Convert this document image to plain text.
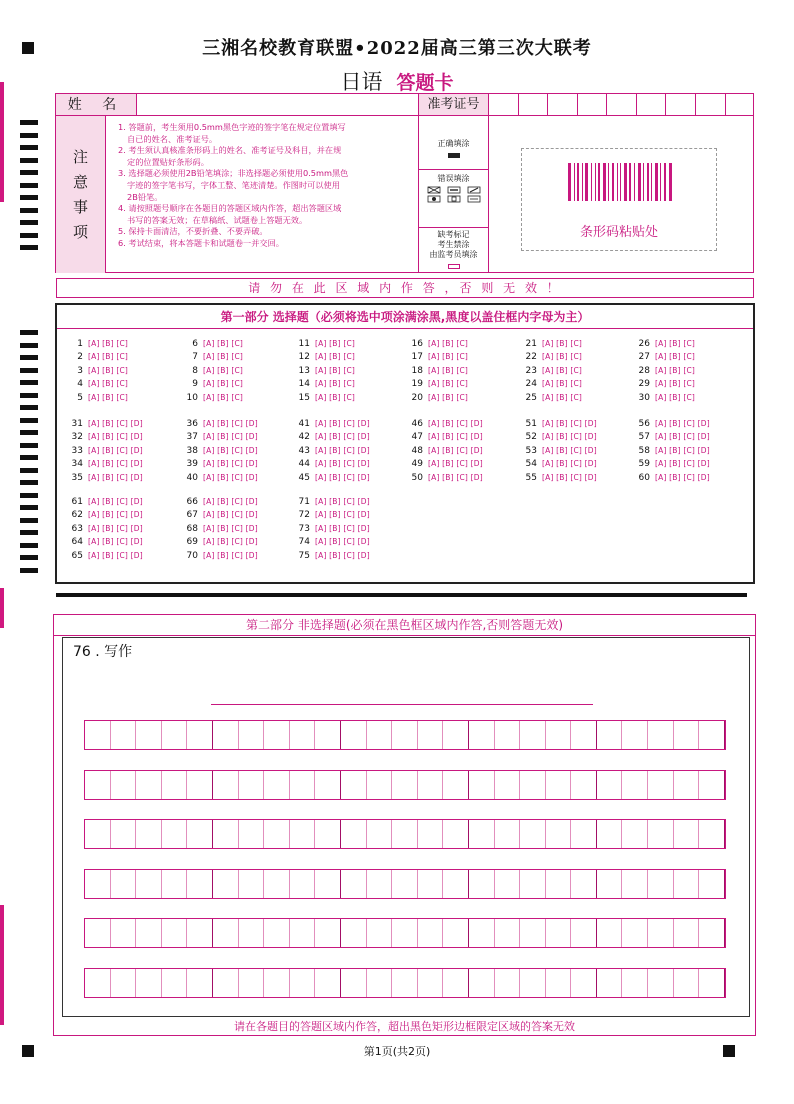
三湘名校教育联盟•2022届高三第三次大联考
日语 答题卡
姓 名	准考证号
注
意
事
项
1. 答题前，考生须用0.5mm黑色字迹的签字笔在规定位置填写
自已的姓名、准考证号。
2. 考生须认真核准条形码上的姓名、准考证号及科目，并在规
定的位置贴好条形码。
3. 选择题必须使用2B铅笔填涂；非选择题必须使用0.5mm黑色
字迹的签字笔书写，字体工整、笔迹清楚。作图时可以使用
2B铅笔。
4. 请按照题号顺序在各题目的答题区域内作答，超出答题区域
书写的答案无效；在草稿纸、试题卷上答题无效。
5. 保持卡面清洁，不要折叠、不要弄破。
6. 考试结束，将本答题卡和试题卷一并交回。
正确填涂
错误填涂
缺考标记
考生禁涂
由监考员填涂
条形码粘贴处
请 勿 在 此 区 域 内 作 答 ，否 则 无 效 ！
第一部分 选择题（必须将选中项涂满涂黑,黑度以盖住框内字母为主）
1 [A] [B] [C]
2 [A] [B] [C]
3 [A] [B] [C]
4 [A] [B] [C]
5 [A] [B] [C]
6 [A] [B] [C]
7 [A] [B] [C]
8 [A] [B] [C]
9 [A] [B] [C]
10 [A] [B] [C]
11 [A] [B] [C]
12 [A] [B] [C]
13 [A] [B] [C]
14 [A] [B] [C]
15 [A] [B] [C]
16 [A] [B] [C]
17 [A] [B] [C]
18 [A] [B] [C]
19 [A] [B] [C]
20 [A] [B] [C]
21 [A] [B] [C]
22 [A] [B] [C]
23 [A] [B] [C]
24 [A] [B] [C]
25 [A] [B] [C]
26 [A] [B] [C]
27 [A] [B] [C]
28 [A] [B] [C]
29 [A] [B] [C]
30 [A] [B] [C]
31 [A] [B] [C] [D]
32 [A] [B] [C] [D]
33 [A] [B] [C] [D]
34 [A] [B] [C] [D]
35 [A] [B] [C] [D]
36 [A] [B] [C] [D]
37 [A] [B] [C] [D]
38 [A] [B] [C] [D]
39 [A] [B] [C] [D]
40 [A] [B] [C] [D]
41 [A] [B] [C] [D]
42 [A] [B] [C] [D]
43 [A] [B] [C] [D]
44 [A] [B] [C] [D]
45 [A] [B] [C] [D]
46 [A] [B] [C] [D]
47 [A] [B] [C] [D]
48 [A] [B] [C] [D]
49 [A] [B] [C] [D]
50 [A] [B] [C] [D]
51 [A] [B] [C] [D]
52 [A] [B] [C] [D]
53 [A] [B] [C] [D]
54 [A] [B] [C] [D]
55 [A] [B] [C] [D]
56 [A] [B] [C] [D]
57 [A] [B] [C] [D]
58 [A] [B] [C] [D]
59 [A] [B] [C] [D]
60 [A] [B] [C] [D]
61 [A] [B] [C] [D]
62 [A] [B] [C] [D]
63 [A] [B] [C] [D]
64 [A] [B] [C] [D]
65 [A] [B] [C] [D]
66 [A] [B] [C] [D]
67 [A] [B] [C] [D]
68 [A] [B] [C] [D]
69 [A] [B] [C] [D]
70 [A] [B] [C] [D]
71 [A] [B] [C] [D]
72 [A] [B] [C] [D]
73 [A] [B] [C] [D]
74 [A] [B] [C] [D]
75 [A] [B] [C] [D]
第二部分 非选择题(必须在黑色框区域内作答,否则答题无效)
76 . 写作
请在各题目的答题区域内作答，超出黑色矩形边框限定区域的答案无效
第1页(共2页)
